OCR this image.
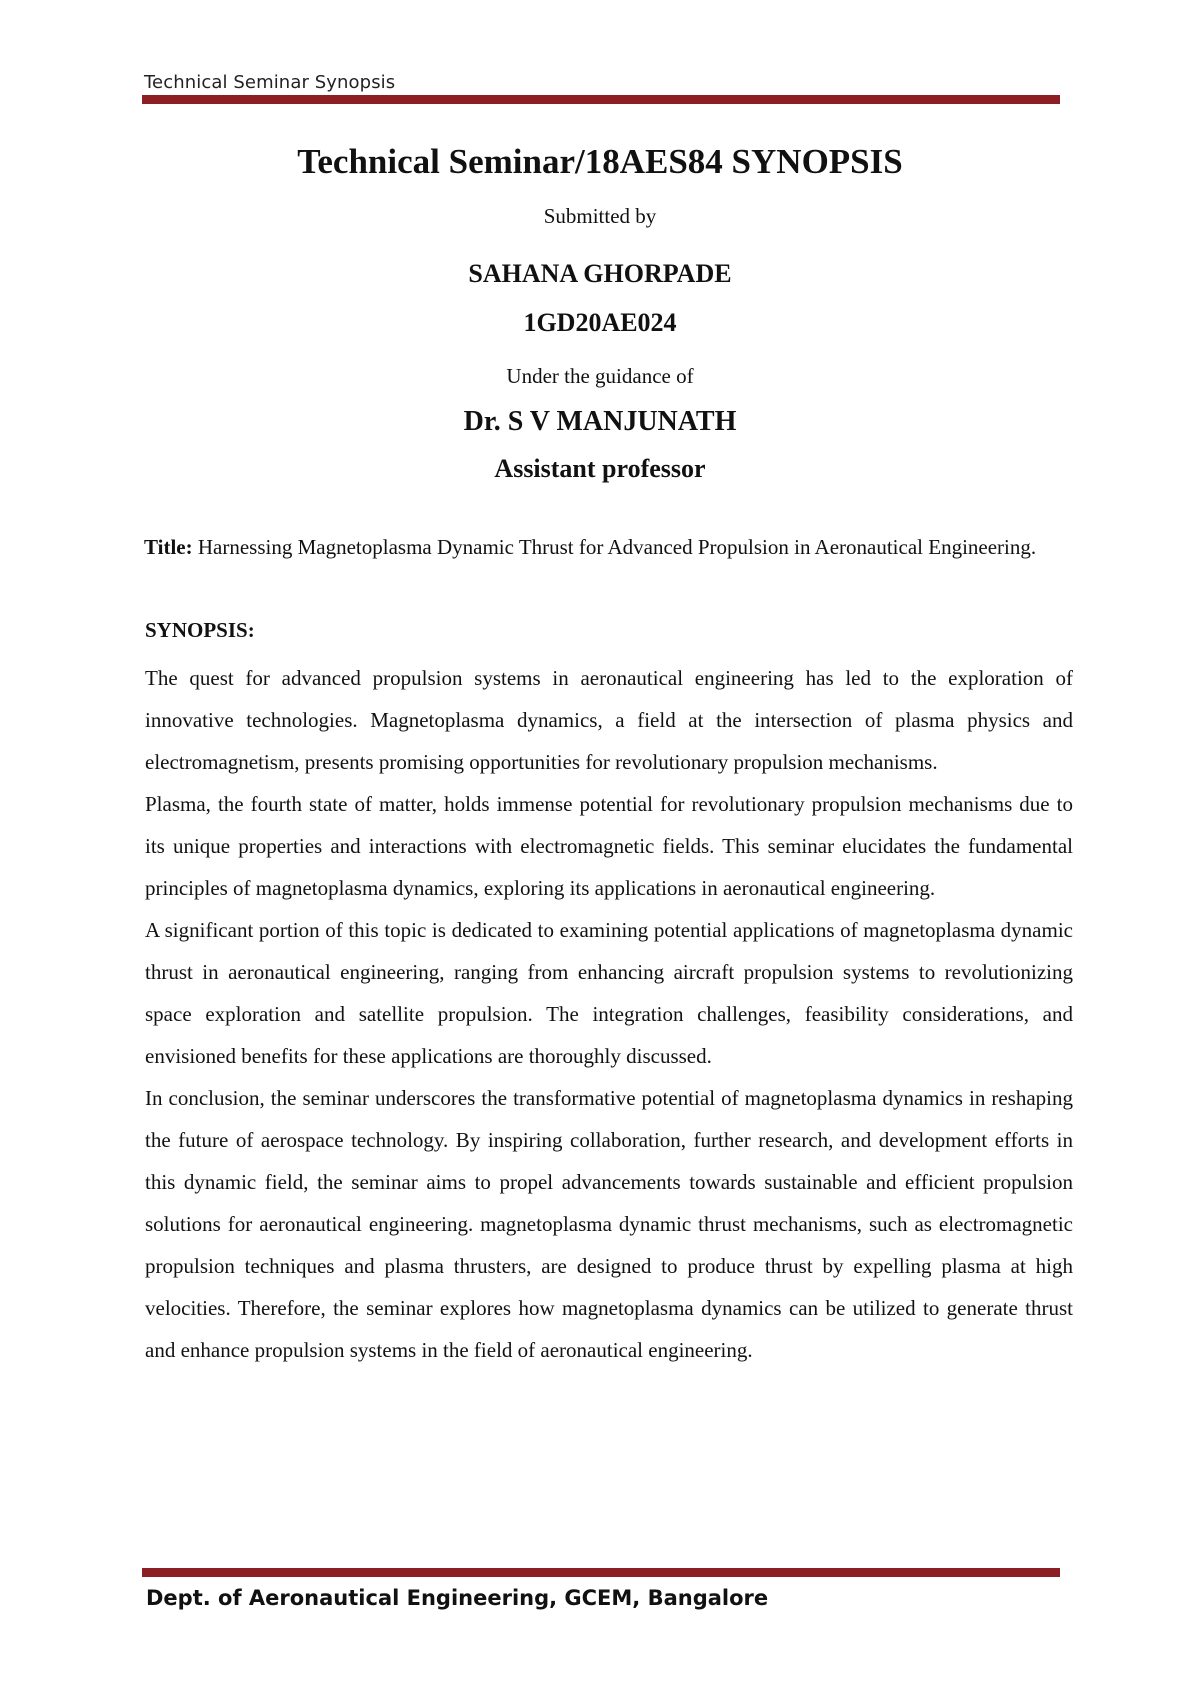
Technical Seminar Synopsis
Technical Seminar/18AES84 SYNOPSIS
Submitted by
SAHANA GHORPADE
1GD20AE024
Under the guidance of
Dr. S V MANJUNATH
Assistant professor
Title: Harnessing Magnetoplasma Dynamic Thrust for Advanced Propulsion in Aeronautical Engineering.
SYNOPSIS:

The quest for advanced propulsion systems in aeronautical engineering has led to the exploration of innovative technologies. Magnetoplasma dynamics, a field at the intersection of plasma physics and electromagnetism, presents promising opportunities for revolutionary propulsion mechanisms.

Plasma, the fourth state of matter, holds immense potential for revolutionary propulsion mechanisms due to its unique properties and interactions with electromagnetic fields. This seminar elucidates the fundamental principles of magnetoplasma dynamics, exploring its applications in aeronautical engineering.

A significant portion of this topic is dedicated to examining potential applications of magnetoplasma dynamic thrust in aeronautical engineering, ranging from enhancing aircraft propulsion systems to revolutionizing space exploration and satellite propulsion. The integration challenges, feasibility considerations, and envisioned benefits for these applications are thoroughly discussed.

In conclusion, the seminar underscores the transformative potential of magnetoplasma dynamics in reshaping the future of aerospace technology. By inspiring collaboration, further research, and development efforts in this dynamic field, the seminar aims to propel advancements towards sustainable and efficient propulsion solutions for aeronautical engineering. magnetoplasma dynamic thrust mechanisms, such as electromagnetic propulsion techniques and plasma thrusters, are designed to produce thrust by expelling plasma at high velocities. Therefore, the seminar explores how magnetoplasma dynamics can be utilized to generate thrust and enhance propulsion systems in the field of aeronautical engineering.

Dept. of Aeronautical Engineering, GCEM, Bangalore
